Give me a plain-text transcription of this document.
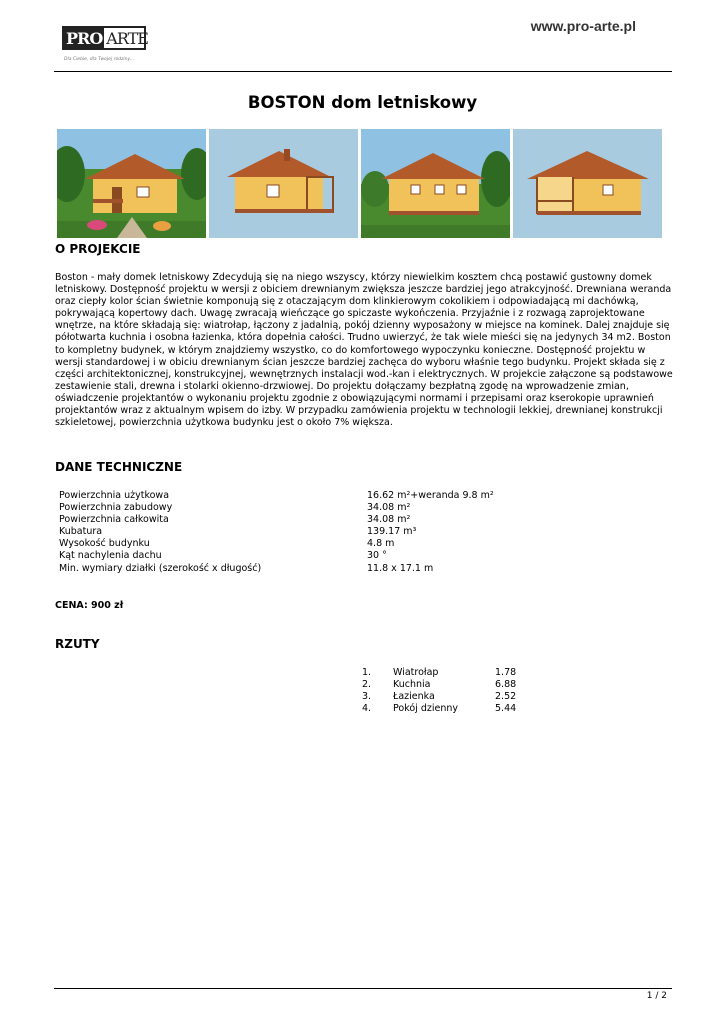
PRO ARTE
Dla Ciebie, dla Twojej rodziny...
www.pro-arte.pl
BOSTON dom letniskowy
O PROJEKCIE

Boston - mały domek letniskowy Zdecydują się na niego wszyscy, którzy niewielkim kosztem chcą postawić gustowny domek letniskowy. Dostępność projektu w wersji z obiciem drewnianym zwiększa jeszcze bardziej jego atrakcyjność. Drewniana weranda oraz ciepły kolor ścian świetnie komponują się z otaczającym dom klinkierowym cokolikiem i odpowiadającą mi dachówką, pokrywającą kopertowy dach. Uwagę zwracają wieńczące go spiczaste wykończenia. Przyjaźnie i z rozwagą zaprojektowane wnętrze, na które składają się: wiatrołap, łączony z jadalnią, pokój dzienny wyposażony w miejsce na kominek. Dalej znajduje się półotwarta kuchnia i osobna łazienka, która dopełnia całości. Trudno uwierzyć, że tak wiele mieści się na jedynych 34 m2. Boston to kompletny budynek, w którym znajdziemy wszystko, co do komfortowego wypoczynku konieczne. Dostępność projektu w wersji standardowej i w obiciu drewnianym ścian jeszcze bardziej zachęca do wyboru właśnie tego budynku. Projekt składa się z części architektonicznej, konstrukcyjnej, wewnętrznych instalacji wod.-kan i elektrycznych. W projekcie załączone są podstawowe zestawienie stali, drewna i stolarki okienno-drzwiowej. Do projektu dołączamy bezpłatną zgodę na wprowadzenie zmian, oświadczenie projektantów o wykonaniu projektu zgodnie z obowiązującymi normami i przepisami oraz kserokopie uprawnień projektantów wraz z aktualnym wpisem do izby. W przypadku zamówienia projektu w technologii lekkiej, drewnianej konstrukcji szkieletowej, powierzchnia użytkowa budynku jest o około 7% większa.

DANE TECHNICZNE
Powierzchnia użytkowa	16.62 m²+weranda 9.8 m²
Powierzchnia zabudowy	34.08 m²
Powierzchnia całkowita	34.08 m²
Kubatura	139.17 m³
Wysokość budynku	4.8 m
Kąt nachylenia dachu	30 °
Min. wymiary działki (szerokość x długość)	11.8 x 17.1 m
CENA: 900 zł
RZUTY
1.	Wiatrołap	1.78
2.	Kuchnia	6.88
3.	Łazienka	2.52
4.	Pokój dzienny	5.44
1 / 2
